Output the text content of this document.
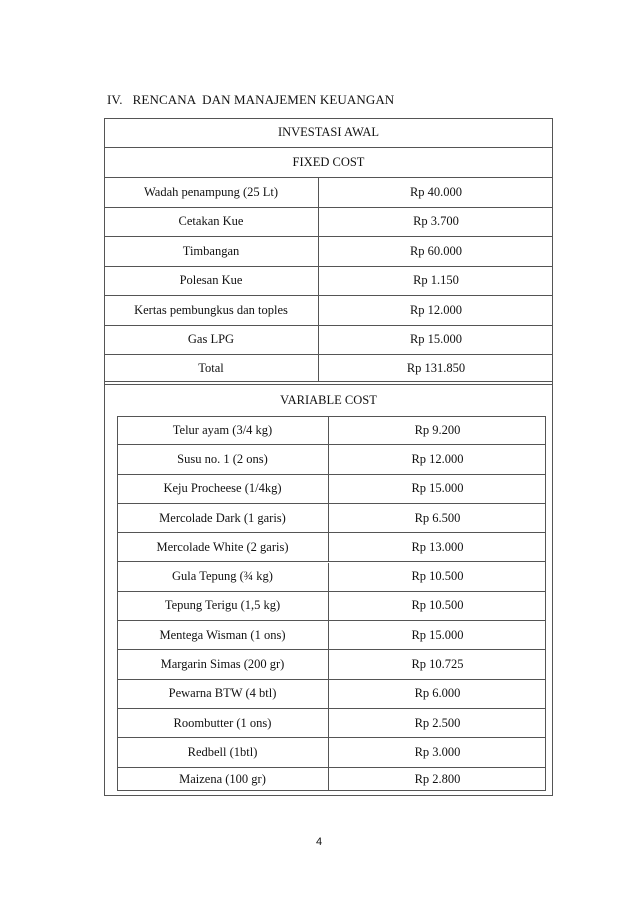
IV.   RENCANA  DAN MANAJEMEN KEUANGAN
INVESTASI AWAL
FIXED COST
Wadah penampung (25 Lt)	Rp 40.000
Cetakan Kue	Rp 3.700
Timbangan	Rp 60.000
Polesan Kue	Rp 1.150
Kertas pembungkus dan toples	Rp 12.000
Gas LPG	Rp 15.000
Total	Rp 131.850
VARIABLE COST
Telur ayam (3/4 kg)	Rp 9.200
Susu no. 1 (2 ons)	Rp 12.000
Keju Procheese (1/4kg)	Rp 15.000
Mercolade Dark (1 garis)	Rp 6.500
Mercolade White (2 garis)	Rp 13.000
Gula Tepung (¾ kg)	Rp 10.500
Tepung Terigu (1,5 kg)	Rp 10.500
Mentega Wisman (1 ons)	Rp 15.000
Margarin Simas (200 gr)	Rp 10.725
Pewarna BTW (4 btl)	Rp 6.000
Roombutter (1 ons)	Rp 2.500
Redbell (1btl)	Rp 3.000
Maizena (100 gr)	Rp 2.800
4
